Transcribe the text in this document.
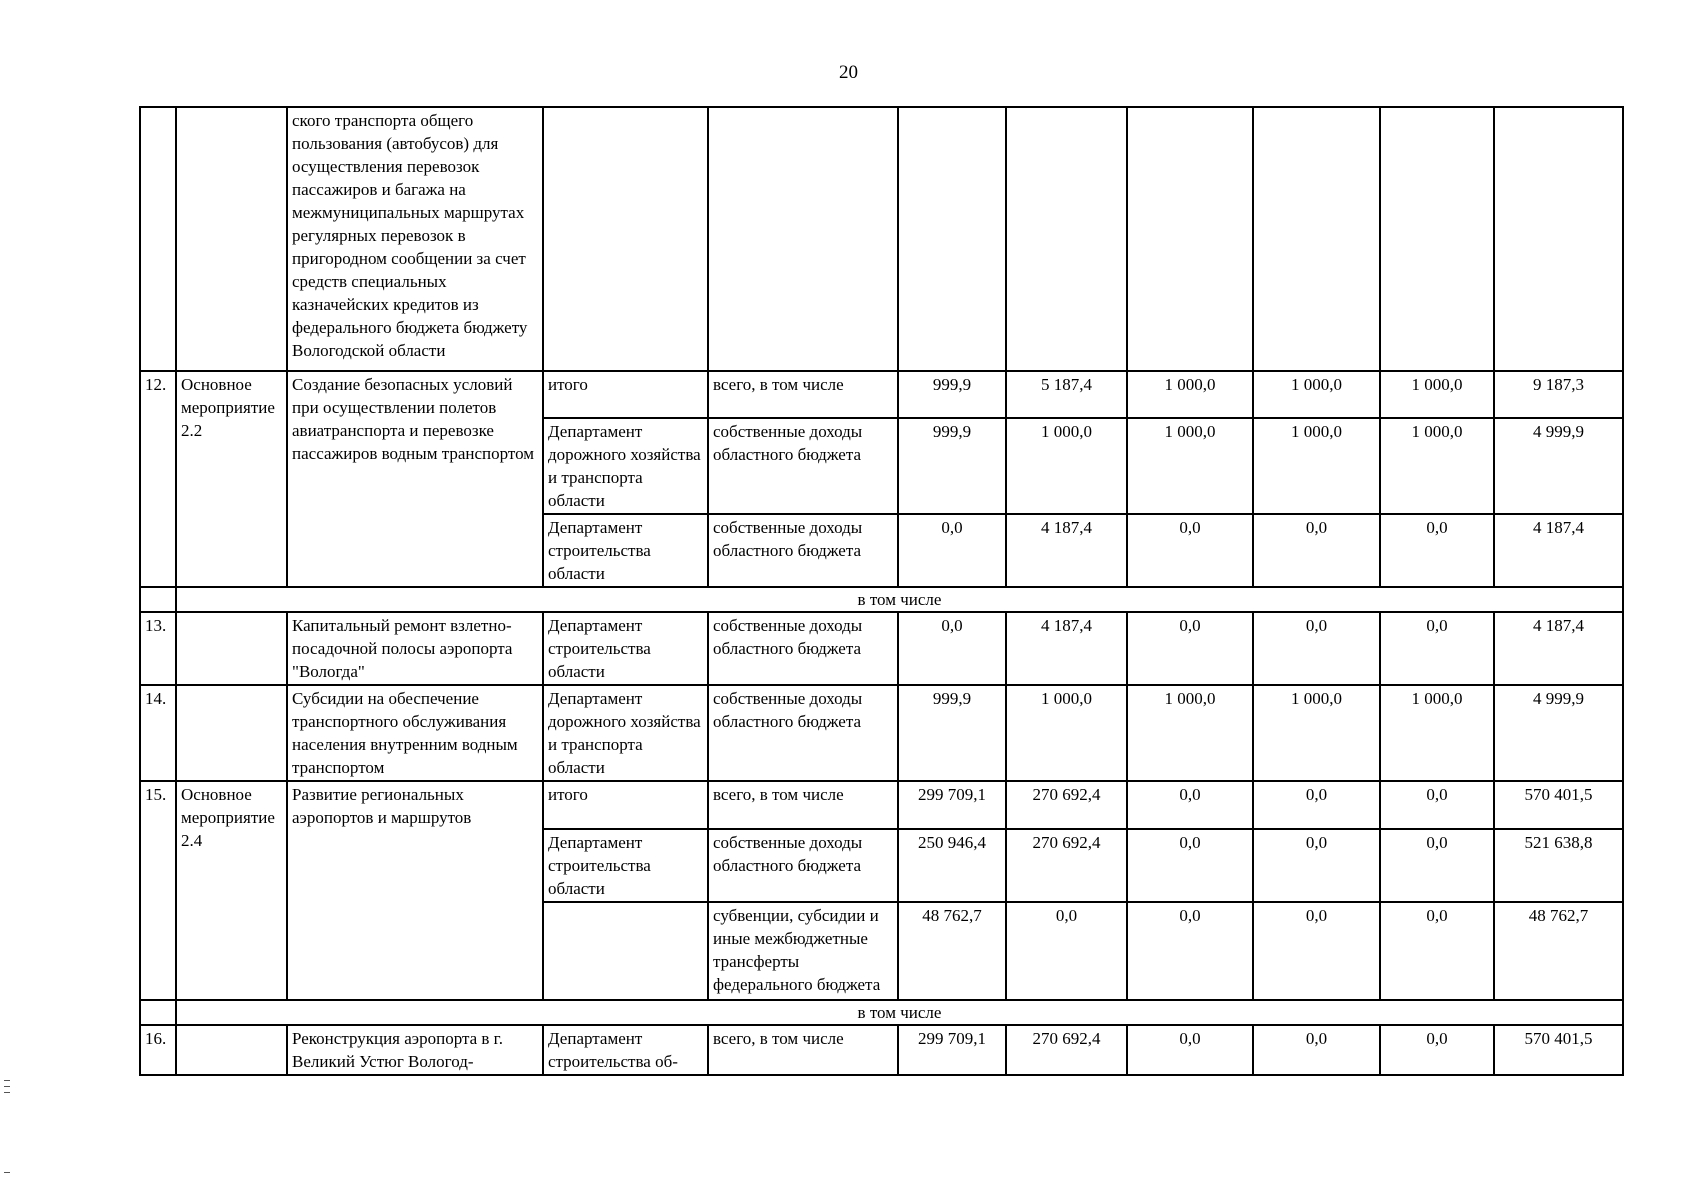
20
		ского транспорта общего пользования (автобусов) для осуществления перевозок пассажиров и багажа на межмуниципальных маршрутах регулярных перевозок в пригородном сообщении за счет средств специальных казначейских кредитов из федерального бюджета бюджету Вологодской области								
12.	Основное мероприятие 2.2	Создание безопасных условий при осуществлении полетов авиатранспорта и перевозке пассажиров водным транспортом	итого	всего, в том числе	999,9	5 187,4	1 000,0	1 000,0	1 000,0	9 187,3
			Департамент дорожного хозяйства и транспорта области	собственные доходы областного бюджета	999,9	1 000,0	1 000,0	1 000,0	1 000,0	4 999,9
			Департамент строительства области	собственные доходы областного бюджета	0,0	4 187,4	0,0	0,0	0,0	4 187,4
	в том числе									
13.		Капитальный ремонт взлетно-посадочной полосы аэропорта "Вологда"	Департамент строительства области	собственные доходы областного бюджета	0,0	4 187,4	0,0	0,0	0,0	4 187,4
14.		Субсидии на обеспечение транспортного обслуживания населения внутренним водным транспортом	Департамент дорожного хозяйства и транспорта области	собственные доходы областного бюджета	999,9	1 000,0	1 000,0	1 000,0	1 000,0	4 999,9
15.	Основное мероприятие 2.4	Развитие региональных аэропортов и маршрутов	итого	всего, в том числе	299 709,1	270 692,4	0,0	0,0	0,0	570 401,5
			Департамент строительства области	собственные доходы областного бюджета	250 946,4	270 692,4	0,0	0,0	0,0	521 638,8
				субвенции, субсидии и иные межбюджетные трансферты федерального бюджета	48 762,7	0,0	0,0	0,0	0,0	48 762,7
	в том числе									
16.		Реконструкция аэропорта в г. Великий Устюг Вологод-	Департамент строительства об-	всего, в том числе	299 709,1	270 692,4	0,0	0,0	0,0	570 401,5
